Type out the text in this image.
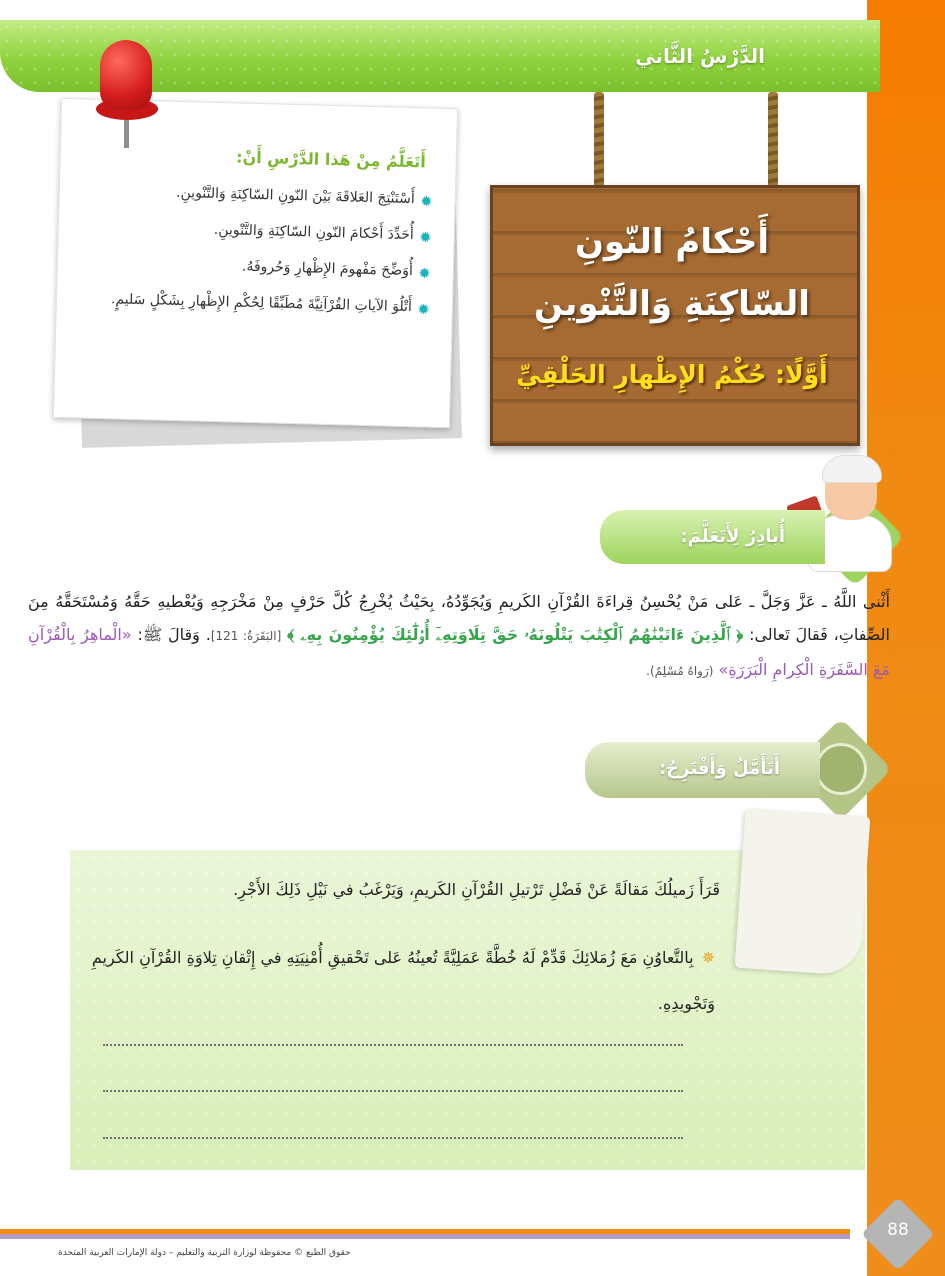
الدَّرْسُ الثَّاني
أَتَعَلَّمُ مِنْ هَذا الدَّرْسِ أَنْ:
✹
أَسْتَنْتِجَ العَلاقَةَ بَيْنَ النّونِ السّاكِنَةِ وَالتَّنْوينِ.
✹
أُحَدِّدَ أَحْكامَ النّونِ السّاكِنَةِ وَالتَّنْوينِ.
✹
أُوَضِّحَ مَفْهومَ الإِظْهارِ وَحُروفَهُ.
✹
أَتْلُوَ الآياتِ القُرْآنِيَّةَ مُطَبِّقًا لِحُكْمِ الإِظْهارِ بِشَكْلٍ سَليمٍ.
أَحْكامُ النّونِ
السّاكِنَةِ وَالتَّنْوينِ
أَوَّلًا: حُكْمُ الإِظْهارِ الحَلْقِيِّ
أُبادِرُ لِأَتَعَلَّمَ:
أَثْنى اللَّهُ ـ عَزَّ وَجَلَّ ـ عَلى مَنْ يُحْسِنُ قِراءَةَ القُرْآنِ الكَريمِ وَيُجَوِّدُهُ، بِحَيْثُ يُخْرِجُ كُلَّ حَرْفٍ مِنْ مَخْرَجِهِ وَيُعْطيهِ حَقَّهُ وَمُسْتَحَقَّهُ مِنَ الصِّفاتِ، فَقالَ تَعالى: ﴿ ٱلَّذِينَ ءَاتَيْنَٰهُمُ ٱلْكِتَٰبَ يَتْلُونَهُۥ حَقَّ تِلَاوَتِهِۦٓ أُو۟لَٰٓئِكَ يُؤْمِنُونَ بِهِۦ ﴾ [البَقَرَةُ: 121]. وَقالَ ﷺ: «الْماهِرُ بِالْقُرْآنِ مَعَ السَّفَرَةِ الْكِرامِ الْبَرَرَةِ» (رَواهُ مُسْلِمٌ).
أَتَأَمَّلُ وَأَقْتَرِحُ:
قَرَأَ زَميلُكَ مَقالَةً عَنْ فَضْلِ تَرْتيلِ القُرْآنِ الكَريمِ، وَيَرْغَبُ في نَيْلِ ذَلِكَ الأَجْرِ.
✵بِالتَّعاوُنِ مَعَ زُمَلائِكَ قَدِّمْ لَهُ خُطَّةً عَمَلِيَّةً تُعينُهُ عَلى تَحْقيقِ أُمْنِيَتِهِ في إِتْقانِ تِلاوَةِ القُرْآنِ الكَريمِ وَتَجْويدِهِ.
88
حقوق الطبع © محفوظة لوزارة التربية والتعليم – دولة الإمارات العربية المتحدة
